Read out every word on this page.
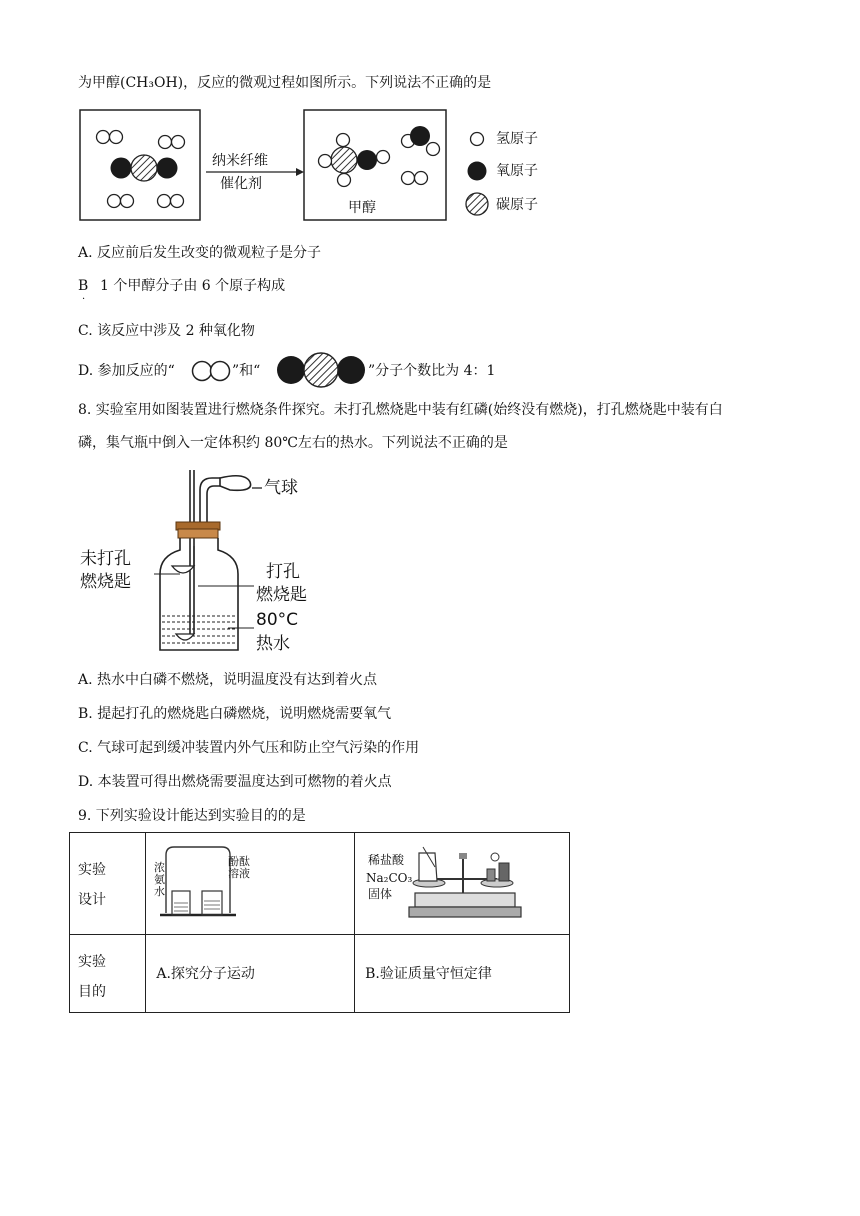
为甲醇(CH₃OH)，反应的微观过程如图所示。下列说法不正确的是
纳米纤维
催化剂
甲醇
氢原子
氧原子
碳原子
A. 反应前后发生改变的微观粒子是分子
B
·
1 个甲醇分子由 6 个原子构成
C. 该反应中涉及 2 种氧化物
D. 参加反应的“	”和“	”分子个数比为 4：1
8. 实验室用如图装置进行燃烧条件探究。未打孔燃烧匙中装有红磷(始终没有燃烧)，打孔燃烧匙中装有白
磷，集气瓶中倒入一定体积约 80℃左右的热水。下列说法不正确的是
气球
未打孔
燃烧匙	打孔
燃烧匙
80°C
热水
A. 热水中白磷不燃烧，说明温度没有达到着火点
B. 提起打孔的燃烧匙白磷燃烧，说明燃烧需要氧气
C. 气球可起到缓冲装置内外气压和防止空气污染的作用
D. 本装置可得出燃烧需要温度达到可燃物的着火点
9. 下列实验设计能达到实验目的的是
实验设计

实验目的	A.探究分子运动	B.验证质量守恒定律
浓氨水
酚酞溶液
稀盐酸
Na₂CO₃
固体
